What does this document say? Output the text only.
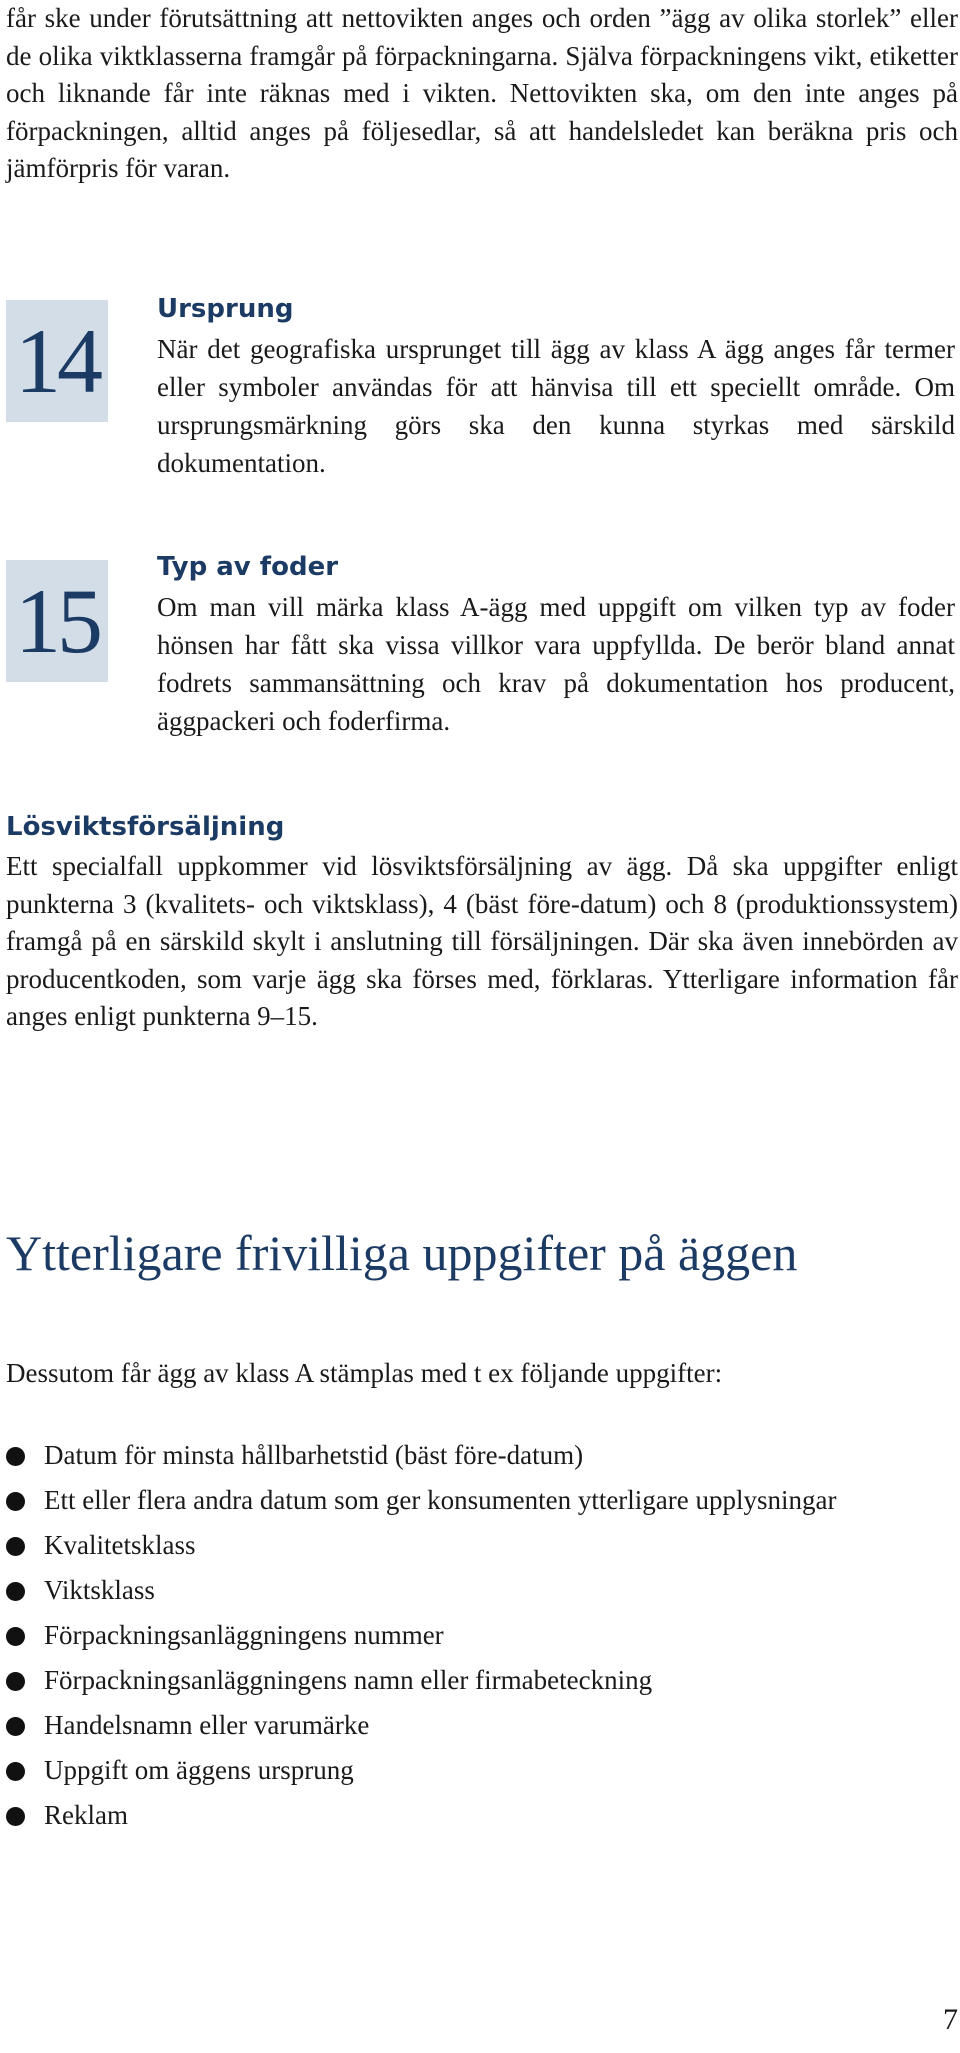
får ske under förutsättning att nettovikten anges och orden ”ägg av olika storlek” eller de olika viktklasserna framgår på förpackningarna. Själva förpackningens vikt, etiketter och liknande får inte räknas med i vikten. Nettovikten ska, om den inte anges på förpackningen, alltid anges på följesedlar, så att handelsledet kan beräkna pris och jämförpris för varan.

14
Ursprung

När det geografiska ursprunget till ägg av klass A ägg anges får termer eller symboler användas för att hänvisa till ett speciellt område. Om ursprungsmärkning görs ska den kunna styrkas med särskild dokumentation.

15
Typ av foder

Om man vill märka klass A-ägg med uppgift om vilken typ av foder hönsen har fått ska vissa villkor vara uppfyllda. De berör bland annat fodrets sammansättning och krav på dokumentation hos producent, äggpackeri och foderfirma.

Lösviktsförsäljning

Ett specialfall uppkommer vid lösviktsförsäljning av ägg. Då ska uppgifter enligt punkterna 3 (kvalitets- och viktsklass), 4 (bäst före-datum) och 8 (produktionssystem) framgå på en särskild skylt i anslutning till försäljningen. Där ska även innebörden av producentkoden, som varje ägg ska förses med, förklaras. Ytterligare information får anges enligt punkterna 9–15.

Ytterligare frivilliga uppgifter på äggen

Dessutom får ägg av klass A stämplas med t ex följande uppgifter:

Datum för minsta hållbarhetstid (bäst före-datum)
Ett eller flera andra datum som ger konsumenten ytterligare upplysningar
Kvalitetsklass
Viktsklass
Förpackningsanläggningens nummer
Förpackningsanläggningens namn eller firmabeteckning
Handelsnamn eller varumärke
Uppgift om äggens ursprung
Reklam
7
